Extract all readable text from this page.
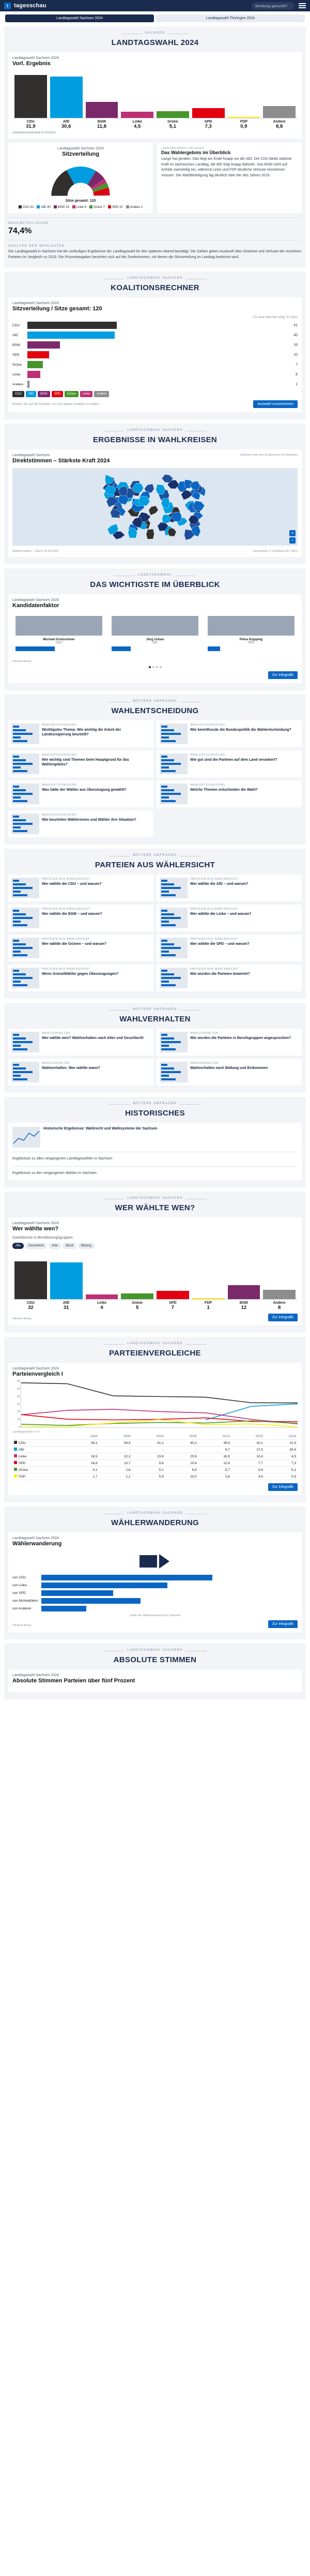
t tagesschau	Sendung gesucht?
Landtagswahl Sachsen 2024	Landtagswahl Thüringen 2024
SACHSEN
LANDTAGSWAHL 2024
Landtagswahl Sachsen 2024
Vorl. Ergebnis
CDU
31,9
AfD
30,6
BSW
11,8
Linke
4,5
Grüne
5,1
SPD
7,3
FDP
0,9
Andere
8,8
Zweitstimmenanteile in Prozent
Landtagswahl Sachsen 2024
Sitzverteilung
Sitze gesamt: 120
CDU 41	AfD 40	BSW 15	Linke 6	Grüne 7	SPD 10	Andere 1
LANDTAGSWAHL SACHSEN
Das Wahlergebnis im Überblick
Lange hat geraten. Das liegt am Ende knapp vor der AfD. Die CDU bleibt stärkste Kraft im sächsischen Landtag, die AfD folgt knapp dahinter. Das BSW zieht auf Anhieb zweistellig ein, während Linke und FDP deutliche Verluste hinnehmen müssen. Die Wahlbeteiligung lag deutlich über der des Jahres 2019.
WAHLBETEILIGUNG
74,4%
ANALYSE DER WAHLDATEN
Die Landtagswahl in Sachsen hat die vorläufigen Ergebnisse der Landtagswahl für den späteren Abend bestätigt. Die Zahlen geben Auskunft über Gewinne und Verluste der einzelnen Parteien im Vergleich zu 2019. Die Prozentangaben beziehen sich auf die Zweitstimmen, mit denen die Sitzverteilung im Landtag bestimmt wird.
LANDTAGSWAHL SACHSEN
KOALITIONSRECHNER
Landtagswahl Sachsen 2024
Sitzverteilung / Sitze gesamt: 120
Für eine Mehrheit nötig: 61 Sitze
CDU	41
AfD	40
BSW	15
SPD	10
Grüne	7
Linke	6
Andere	1
CDU	AfD	BSW	SPD	Grüne	Linke	Andere
Klicken Sie auf die Parteien, um Ihre eigene Koalition zu bilden.	Auswahl zurücksetzen
LANDTAGSWAHL SACHSEN
ERGEBNISSE IN WAHLKREISEN
Landtagswahl Sachsen
Direktstimmen – Stärkste Kraft 2024
Stärkste Kraft nach Erststimmen im Wahlkreis
+
−
Wahlkreisdaten – Stand: 02.09.2024	Kartendaten © GeoBasis-DE / BKG
LANDTAGSWAHL
DAS WICHTIGSTE IM ÜBERBLICK
Landtagswahl Sachsen 2024
Kandidatenfaktor
Michael Kretschmer
CDU
Jörg Urban
AfD
Petra Köpping
SPD
Infratest dimap
Zur Infografik
WEITERE UMFRAGEN
WAHLENTSCHEIDUNG
WAHLENTSCHEIDUNG
Wichtigstes Thema: Wie wichtig die Arbeit der Landesregierung beurteilt?
WAHLENTSCHEIDUNG
Wie beeinflusste die Bundespolitik die Wahlentscheidung?
WAHLENTSCHEIDUNG
Wie wichtig sind Themen beim Hauptgrund für das Wahlergebnis?
WAHLENTSCHEIDUNG
Wie gut sind die Parteien auf dem Land verankert?
WAHLENTSCHEIDUNG
Was hätte der Wähler aus Überzeugung gewählt?
WAHLENTSCHEIDUNG
Welche Themen entschieden die Wahl?
WAHLENTSCHEIDUNG
Wie beurteilen Wählerinnen und Wähler ihre Situation?
WEITERE UMFRAGEN
PARTEIEN AUS WÄHLERSICHT
PARTEIEN AUS WÄHLERSICHT
Wer wählte die CDU – und warum?
PARTEIEN AUS WÄHLERSICHT
Wer wählte die AfD – und warum?
PARTEIEN AUS WÄHLERSICHT
Wer wählte die BSW – und warum?
PARTEIEN AUS WÄHLERSICHT
Wer wählte die Linke – und warum?
PARTEIEN AUS WÄHLERSICHT
Wer wählte die Grünen – und warum?
PARTEIEN AUS WÄHLERSICHT
Wer wählte die SPD – und warum?
PARTEIEN AUS WÄHLERSICHT
Wenn Grüne/Wähler gegen Überzeugungen?
PARTEIEN AUS WÄHLERSICHT
Wie wurden die Parteien bewertet?
WEITERE UMFRAGEN
WAHLVERHALTEN
WAHLVERHALTEN
Wer wählte wen? Wahlverhalten nach Alter und Geschlecht
WAHLVERHALTEN
Wie wurden die Parteien in Berufsgruppen angesprochen?
WAHLVERHALTEN
Wahlverhalten: Wer wählte wann?
WAHLVERHALTEN
Wahlverhalten nach Bildung und Einkommen
WEITERE UMFRAGEN
HISTORISCHES
Historische Ergebnisse: Wahlrecht und Wahlsysteme der Sachsen
Ergebnisse zu allen vergangenen Landtagswahlen in Sachsen
Ergebnisse zu den vergangenen Wahlen in Sachsen
LANDTAGSWAHL SACHSEN
WER WÄHLTE WEN?
Landtagswahl Sachsen 2024
Wer wählte wen?
Zweitstimme in Bevölkerungsgruppen
Alle	Geschlecht	Alter	Beruf	Bildung
CDU
32
AfD
31
Linke
4
Grüne
5
SPD
7
FDP
1
BSW
12
Andere
8
Infratest dimap	Zur Infografik
LANDTAGSWAHL SACHSEN
PARTEIENVERGLEICHE
Landtagswahl Sachsen 2024
Parteienvergleich I
60
50
40
30
20
10
0
Landtagswahlen in %
	1994	1999	2004	2009	2014	2019	2024
CDU	58,1	56,9	41,1	40,2	39,4	32,1	31,9
AfD	-	-	-	-	9,7	27,5	30,6
Linke	16,5	22,2	23,6	20,6	18,9	10,4	4,5
SPD	16,6	10,7	9,8	10,4	12,4	7,7	7,3
Grüne	4,1	2,6	5,1	6,4	5,7	8,6	5,1
FDP	1,7	1,1	5,9	10,0	3,8	4,5	0,9
Zur Infografik
LANDTAGSWAHL SACHSEN
WÄHLERWANDERUNG
Landtagswahl Sachsen 2024
Wählerwanderung
von CDU
von Linke
von SPD
von Nichtwählern
von Anderen
Saldo der Wählerwanderung in Tausend
Infratest dimap	Zur Infografik
LANDTAGSWAHL SACHSEN
ABSOLUTE STIMMEN
Landtagswahl Sachsen 2024
Absolute Stimmen Parteien über fünf Prozent
